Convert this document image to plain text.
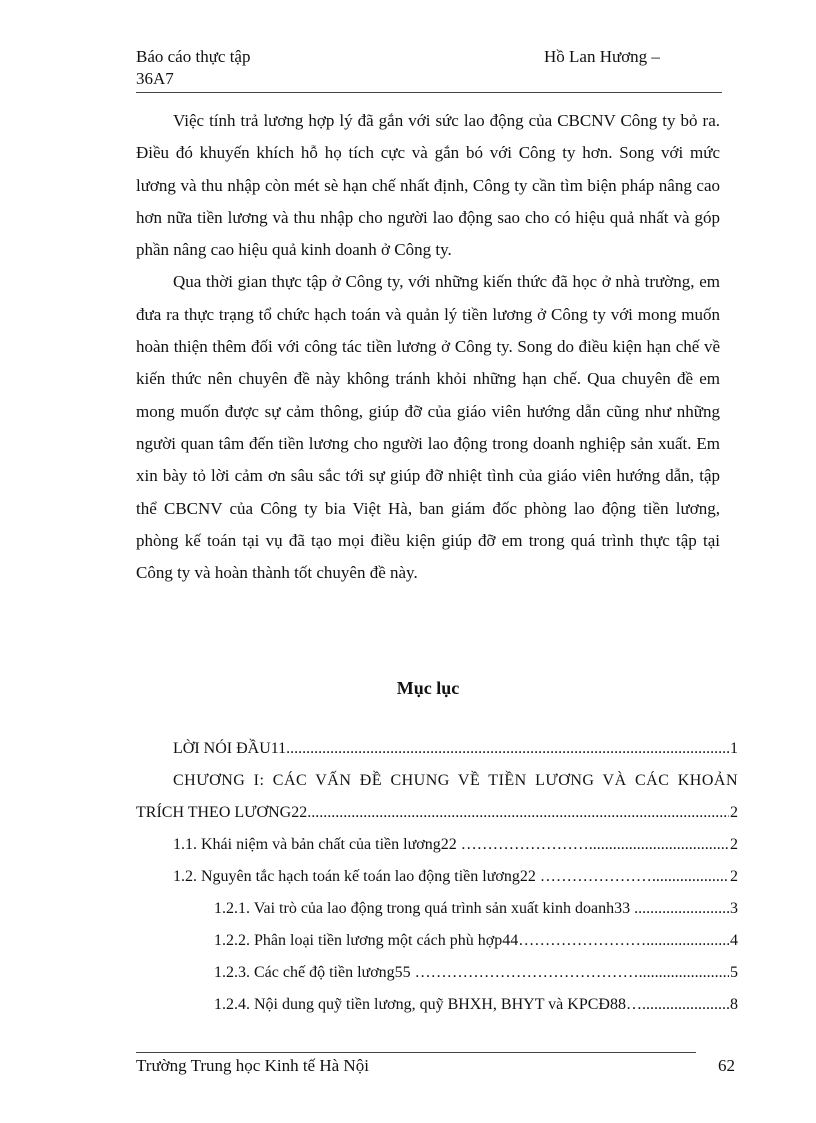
Báo cáo thực tập
36A7
Hồ Lan Hương –

Việc tính trả lương hợp lý đã gắn với sức lao động của CBCNV Công ty bỏ ra. Điều đó khuyến khích hỗ họ tích cực và gắn bó với Công ty hơn. Song với mức lương và thu nhập còn mét sè hạn chế nhất định, Công ty cần tìm biện pháp nâng cao hơn nữa tiền lương và thu nhập cho người lao động sao cho có hiệu quả nhất và góp phần nâng cao hiệu quả kinh doanh ở Công ty.

Qua thời gian thực tập ở Công ty, với những kiến thức đã học ở nhà trường, em đưa ra thực trạng tổ chức hạch toán và quản lý tiền lương ở Công ty với mong muốn hoàn thiện thêm đối với công tác tiền lương ở Công ty. Song do điều kiện hạn chế về kiến thức nên chuyên đề này không tránh khỏi những hạn chế. Qua chuyên đề em mong muốn được sự cảm thông, giúp đỡ của giáo viên hướng dẫn cũng như những người quan tâm đến tiền lương cho người lao động trong doanh nghiệp sản xuất. Em xin bày tỏ lời cảm ơn sâu sắc tới sự giúp đỡ nhiệt tình của giáo viên hướng dẫn, tập thể CBCNV của Công ty bia Việt Hà, ban giám đốc phòng lao động tiền lương, phòng kế toán tại vụ đã tạo mọi điều kiện giúp đỡ em trong quá trình thực tập tại Công ty và hoàn thành tốt chuyên đề này.

Mục lục
LỜI NÓI ĐẦU11 .....	1
CHƯƠNG I: CÁC VẤN ĐỀ CHUNG VỀ TIỀN LƯƠNG VÀ CÁC KHOẢN
TRÍCH THEO LƯƠNG22 .....	2
1.1. Khái niệm và bản chất của tiền lương22 …………………… .....	2
1.2. Nguyên tắc hạch toán kế toán lao động tiền lương22 ………………… .....	2
1.2.1. Vai trò của lao động trong quá trình sản xuất kinh doanh33 .. .....	3
1.2.2. Phân loại tiền lương một cách phù hợp44…………………… .....	4
1.2.3. Các chế độ tiền lương55 …………………………………… .....	5
1.2.4. Nội dung quỹ tiền lương, quỹ BHXH, BHYT và KPCĐ88…. .....	8
Trường Trung học Kinh tế Hà Nội	62
